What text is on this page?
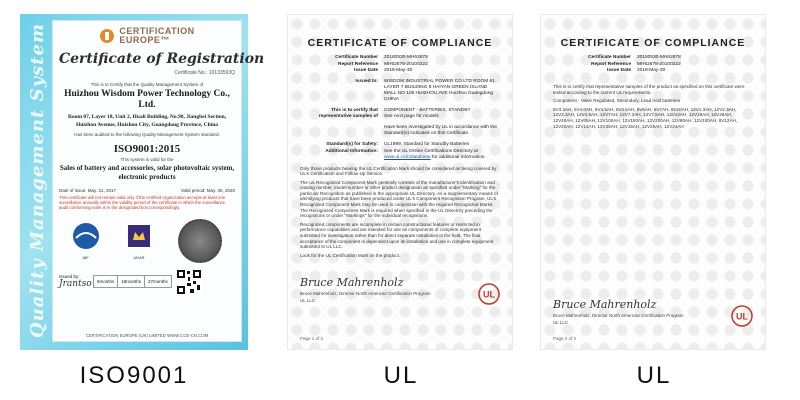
Quality Management System	CERTIFICATION
EUROPE™
Certificate of Registration
Certificate No.: 10133593Q
This is to Certify that the Quality Management System of
Huizhou Wisdom Power Technology Co., Ltd.
Room 07, Layer 18, Unit 2, Huali Building, No.90, Jiangbei Section, Huizhou Avenue, Huizhou City, Guangdong Province, China
Has been audited to the following Quality Management System standard:
ISO9001:2015
This system is valid for the
Sales of battery and accessories, solar photovoltaic system, electronic products
Date of issue: May. 31, 2017	Valid period: May. 30, 2020
This certificate will not remain valid only if the certified organization accepts at least one surveillance annually within the validity period of the certificate in which the surveillance audit conforming mark is in the designated box correspondingly.
IAF	UKAS
Issued by:
Jrantso	9months	18months	27months
CERTIFICATION EUROPE (UK) LIMITED WWW.CCE-CN.COM
CERTIFICATE OF COMPLIANCE
Certificate Number	20180530-MH62878
Report Reference	MH62878-20100222
Issue Date	2018-May-30
Issued to:	WISDOM INDUSTRIAL POWER CO LTD ROOM 61 LAYER 7 BUILDING 8 HAIYAN GREEN ISLAND MALL NO 108 HUIZHOU AVE Huizhou Guangdong CHINA
This is to certify that representative samples of
COMPONENT - BATTERIES, STANDBY
See next page for models
Have been investigated by UL in accordance with the Standard(s) indicated on this Certificate.
Standard(s) for Safety:	UL1989, Standard for Standby Batteries
Additional Information:	See the UL Online Certifications Directory at
www.ul.com/database for additional information

Only those products bearing the UL Certification Mark should be considered as being covered by UL's Certification and Follow-Up Service.

The UL Recognized Component Mark generally consists of the manufacturer's identification and catalog number, model number or other product designation as specified under "Marking" for the particular Recognition as published in the appropriate UL Directory. As a supplementary means of identifying products that have been produced under UL's Component Recognition Program, UL's Recognized Component Mark may be used in conjunction with the required Recognized Marks. The Recognized Component Mark is required when specified in the UL Directory preceding the recognitions or under "Markings" for the individual recognitions.

Recognized components are incomplete in certain constructional features or restricted in performance capabilities and are intended for use as components of complete equipment submitted for investigation rather than for direct separate installation in the field. The final acceptance of the component is dependent upon its installation and use in complete equipment submitted to UL LLC.

Look for the UL Certification Mark on the product.

Bruce Mahrenholz
Bruce Mahrenholz, Director North American Certification Program
UL LLC
UL
Page 1 of 2
CERTIFICATE OF COMPLIANCE
Certificate Number	20180530-MH62878
Report Reference	MH62878-20100222
Issue Date	2018-May-30

This is to certify that representative samples of the product as specified on this certificate were tested according to the current UL requirements.

Component - Valve Regulated, Secondary, Lead Acid batteries

6V3.3AH, 6V4.0AH, 6V4.5AH, 6V4.5AH, 6V5AH, 6V7AH, 6V10AH, 12V1.3AH, 12V2.3AH, 12V3.3AH, 12V4.5AH, 12V7AH, 12V7.2AH, 12V7.5AH, 12V12AH, 12V18AH, 12V26AH, 12V40AH, 12V65AH, 12V100AH, 12V150AH, 12V200AH, 12V80AH, 12V100AH, 8V12AH, 12V20AH, 12V14AH, 12V35AH, 12V15AH, 12V25AH, 12V24AH

Bruce Mahrenholz
Bruce Mahrenholz, Director North American Certification Program
UL LLC
UL
Page 2 of 2
ISO9001	UL	UL
